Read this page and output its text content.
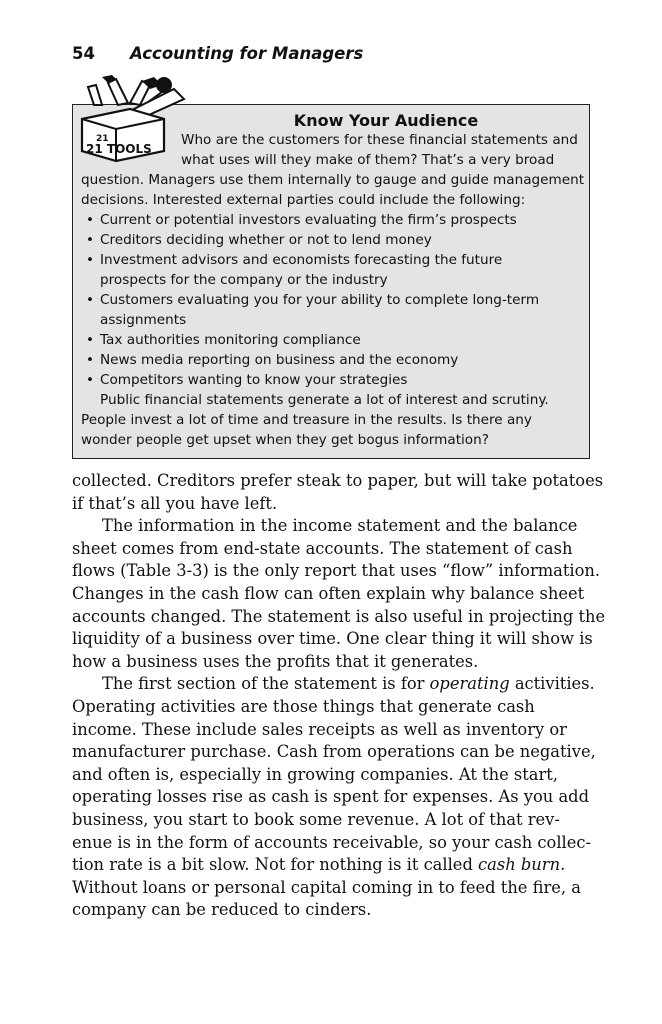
54 Accounting for Managers
21
21 TOOLS
Know Your Audience
Who are the customers for these financial statements and
what uses will they make of them? That’s a very broad
question. Managers use them internally to gauge and guide management
decisions. Interested external parties could include the following:
• Current or potential investors evaluating the firm’s prospects
• Creditors deciding whether or not to lend money
• Investment advisors and economists forecasting the future
prospects for the company or the industry
• Customers evaluating you for your ability to complete long-term
assignments
• Tax authorities monitoring compliance
• News media reporting on business and the economy
• Competitors wanting to know your strategies
Public financial statements generate a lot of interest and scrutiny.
People invest a lot of time and treasure in the results. Is there any
wonder people get upset when they get bogus information?
collected. Creditors prefer steak to paper, but will take potatoes
if that’s all you have left.
The information in the income statement and the balance
sheet comes from end-state accounts. The statement of cash
flows (Table 3-3) is the only report that uses “flow” information.
Changes in the cash flow can often explain why balance sheet
accounts changed. The statement is also useful in projecting the
liquidity of a business over time. One clear thing it will show is
how a business uses the profits that it generates.
The first section of the statement is for operating activities.
Operating activities are those things that generate cash
income. These include sales receipts as well as inventory or
manufacturer purchase. Cash from operations can be negative,
and often is, especially in growing companies. At the start,
operating losses rise as cash is spent for expenses. As you add
business, you start to book some revenue. A lot of that rev-
enue is in the form of accounts receivable, so your cash collec-
tion rate is a bit slow. Not for nothing is it called cash burn.
Without loans or personal capital coming in to feed the fire, a
company can be reduced to cinders.
